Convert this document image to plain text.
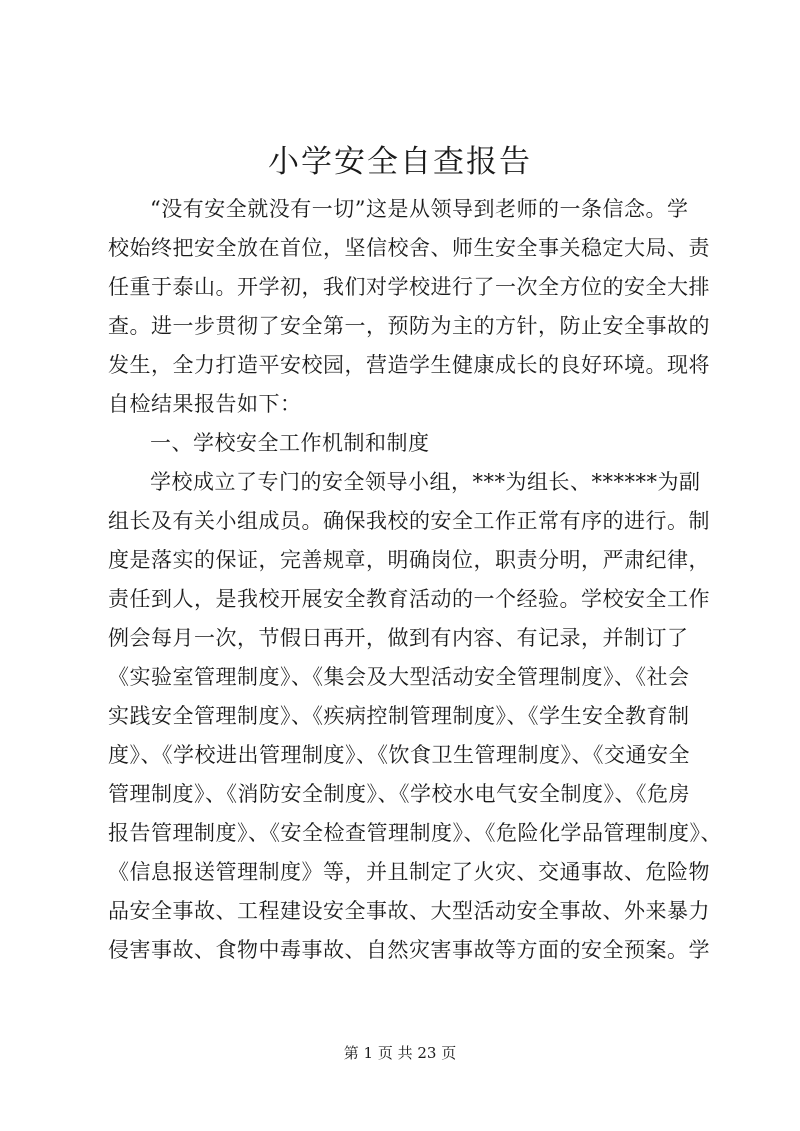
小学安全自查报告
“没有安全就没有一切”这是从领导到老师的一条信念。学
校始终把安全放在首位，坚信校舍、师生安全事关稳定大局、责
任重于泰山。开学初，我们对学校进行了一次全方位的安全大排
查。进一步贯彻了安全第一，预防为主的方针，防止安全事故的
发生，全力打造平安校园，营造学生健康成长的良好环境。现将
自检结果报告如下：
一、学校安全工作机制和制度
学校成立了专门的安全领导小组，***为组长、******为副
组长及有关小组成员。确保我校的安全工作正常有序的进行。制
度是落实的保证，完善规章，明确岗位，职责分明，严肃纪律，
责任到人，是我校开展安全教育活动的一个经验。学校安全工作
例会每月一次，节假日再开，做到有内容、有记录，并制订了
《实验室管理制度》、《集会及大型活动安全管理制度》、《社会
实践安全管理制度》、《疾病控制管理制度》、《学生安全教育制
度》、《学校进出管理制度》、《饮食卫生管理制度》、《交通安全
管理制度》、《消防安全制度》、《学校水电气安全制度》、《危房
报告管理制度》、《安全检查管理制度》、《危险化学品管理制度》、
《信息报送管理制度》等，并且制定了火灾、交通事故、危险物
品安全事故、工程建设安全事故、大型活动安全事故、外来暴力
侵害事故、食物中毒事故、自然灾害事故等方面的安全预案。学
第 1 页 共 23 页
